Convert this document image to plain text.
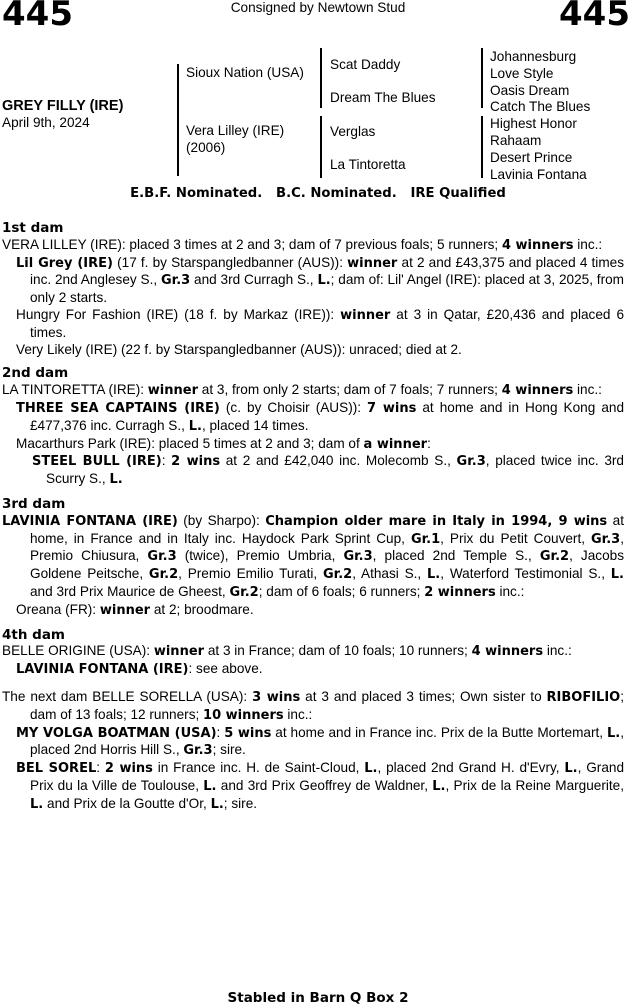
445	Consigned by Newtown Stud	445
GREY FILLY (IRE)
April 9th, 2024
Sioux Nation (USA)
Vera Lilley (IRE) (2006)
Scat Daddy
Dream The Blues
Verglas
La Tintoretta
Johannesburg
Love Style
Oasis Dream
Catch The Blues
Highest Honor
Rahaam
Desert Prince
Lavinia Fontana
E.B.F. Nominated.   B.C. Nominated.   IRE Qualified
1st dam

VERA LILLEY (IRE): placed 3 times at 2 and 3; dam of 7 previous foals; 5 runners; 4 winners inc.:

Lil Grey (IRE) (17 f. by Starspangledbanner (AUS)): winner at 2 and £43,375 and placed 4 times inc. 2nd Anglesey S., Gr.3 and 3rd Curragh S., L.; dam of: Lil' Angel (IRE): placed at 3, 2025, from only 2 starts.

Hungry For Fashion (IRE) (18 f. by Markaz (IRE)): winner at 3 in Qatar, £20,436 and placed 6 times.

Very Likely (IRE) (22 f. by Starspangledbanner (AUS)): unraced; died at 2.

2nd dam

LA TINTORETTA (IRE): winner at 3, from only 2 starts; dam of 7 foals; 7 runners; 4 winners inc.:

THREE SEA CAPTAINS (IRE) (c. by Choisir (AUS)): 7 wins at home and in Hong Kong and £477,376 inc. Curragh S., L., placed 14 times.

Macarthurs Park (IRE): placed 5 times at 2 and 3; dam of a winner:

STEEL BULL (IRE): 2 wins at 2 and £42,040 inc. Molecomb S., Gr.3, placed twice inc. 3rd Scurry S., L.

3rd dam

LAVINIA FONTANA (IRE) (by Sharpo): Champion older mare in Italy in 1994, 9 wins at home, in France and in Italy inc. Haydock Park Sprint Cup, Gr.1, Prix du Petit Couvert, Gr.3, Premio Chiusura, Gr.3 (twice), Premio Umbria, Gr.3, placed 2nd Temple S., Gr.2, Jacobs Goldene Peitsche, Gr.2, Premio Emilio Turati, Gr.2, Athasi S., L., Waterford Testimonial S., L. and 3rd Prix Maurice de Gheest, Gr.2; dam of 6 foals; 6 runners; 2 winners inc.:

Oreana (FR): winner at 2; broodmare.

4th dam

BELLE ORIGINE (USA): winner at 3 in France; dam of 10 foals; 10 runners; 4 winners inc.:

LAVINIA FONTANA (IRE): see above.

The next dam BELLE SORELLA (USA): 3 wins at 3 and placed 3 times; Own sister to RIBOFILIO; dam of 13 foals; 12 runners; 10 winners inc.:

MY VOLGA BOATMAN (USA): 5 wins at home and in France inc. Prix de la Butte Mortemart, L., placed 2nd Horris Hill S., Gr.3; sire.

BEL SOREL: 2 wins in France inc. H. de Saint-Cloud, L., placed 2nd Grand H. d'Evry, L., Grand Prix du la Ville de Toulouse, L. and 3rd Prix Geoffrey de Waldner, L., Prix de la Reine Marguerite, L. and Prix de la Goutte d'Or, L.; sire.

Stabled in Barn Q Box 2
